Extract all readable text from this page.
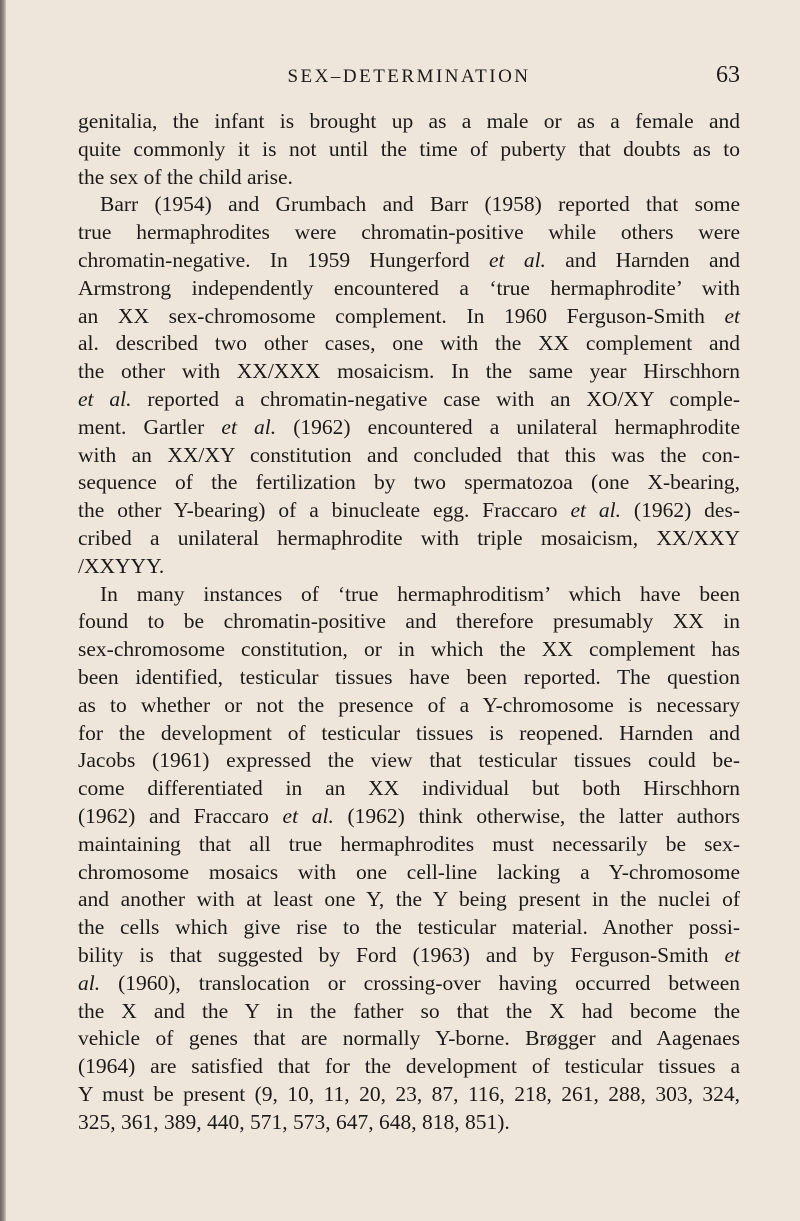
SEX–DETERMINATION	63
genitalia, the infant is brought up as a male or as a female and
quite commonly it is not until the time of puberty that doubts as to
the sex of the child arise.
Barr (1954) and Grumbach and Barr (1958) reported that some
true hermaphrodites were chromatin-positive while others were
chromatin-negative. In 1959 Hungerford et al. and Harnden and
Armstrong independently encountered a ‘true hermaphrodite’ with
an XX sex-chromosome complement. In 1960 Ferguson-Smith et
al. described two other cases, one with the XX complement and
the other with XX/XXX mosaicism. In the same year Hirschhorn
et al. reported a chromatin-negative case with an XO/XY comple-
ment. Gartler et al. (1962) encountered a unilateral hermaphrodite
with an XX/XY constitution and concluded that this was the con-
sequence of the fertilization by two spermatozoa (one X-bearing,
the other Y-bearing) of a binucleate egg. Fraccaro et al. (1962) des-
cribed a unilateral hermaphrodite with triple mosaicism, XX/XXY
/XXYYY.
In many instances of ‘true hermaphroditism’ which have been
found to be chromatin-positive and therefore presumably XX in
sex-chromosome constitution, or in which the XX complement has
been identified, testicular tissues have been reported. The question
as to whether or not the presence of a Y-chromosome is necessary
for the development of testicular tissues is reopened. Harnden and
Jacobs (1961) expressed the view that testicular tissues could be-
come differentiated in an XX individual but both Hirschhorn
(1962) and Fraccaro et al. (1962) think otherwise, the latter authors
maintaining that all true hermaphrodites must necessarily be sex-
chromosome mosaics with one cell-line lacking a Y-chromosome
and another with at least one Y, the Y being present in the nuclei of
the cells which give rise to the testicular material. Another possi-
bility is that suggested by Ford (1963) and by Ferguson-Smith et
al. (1960), translocation or crossing-over having occurred between
the X and the Y in the father so that the X had become the
vehicle of genes that are normally Y-borne. Brøgger and Aagenaes
(1964) are satisfied that for the development of testicular tissues a
Y must be present (9, 10, 11, 20, 23, 87, 116, 218, 261, 288, 303, 324,
325, 361, 389, 440, 571, 573, 647, 648, 818, 851).
